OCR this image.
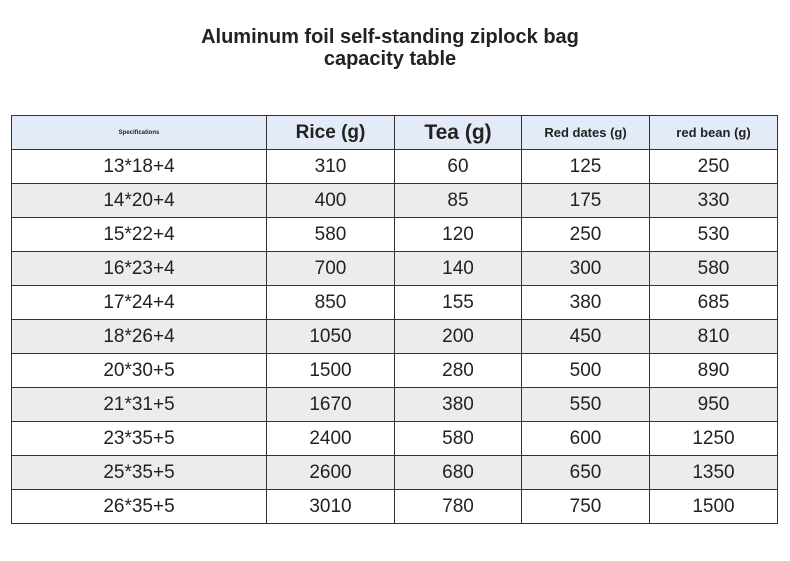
Aluminum foil self-standing ziplock bag
capacity table
Specifications	Rice (g)	Tea (g)	Red dates (g)	red bean (g)
13*18+4	310	60	125	250
14*20+4	400	85	175	330
15*22+4	580	120	250	530
16*23+4	700	140	300	580
17*24+4	850	155	380	685
18*26+4	1050	200	450	810
20*30+5	1500	280	500	890
21*31+5	1670	380	550	950
23*35+5	2400	580	600	1250
25*35+5	2600	680	650	1350
26*35+5	3010	780	750	1500
